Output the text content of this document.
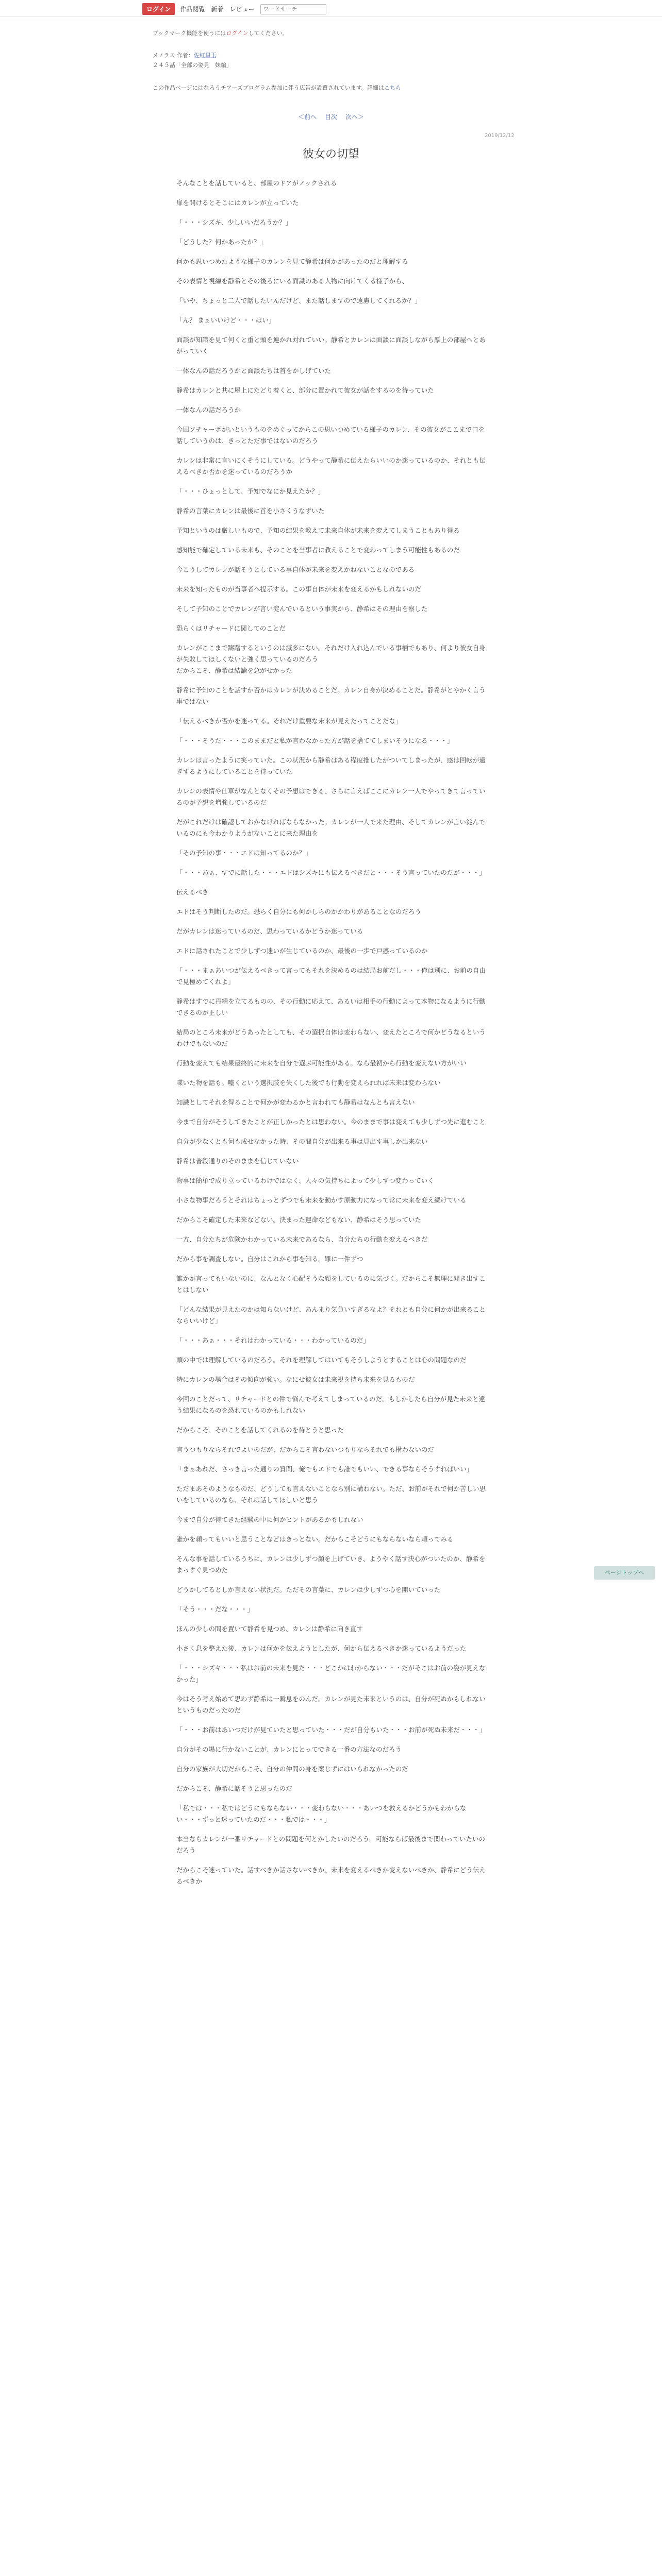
ログイン	作品閲覧 新着 レビュー
ワードサーチ
ブックマーク機能を使うにはログインしてください。
メノラス 作者：佐紅里玉
２４５話「全部の姿見　妹編」
この作品ページにはなろうチアーズプログラム参加に伴う広告が設置されています。詳細はこちら
＜前へ 目次 次へ＞
2019/12/12
彼女の切望

そんなことを話していると、部屋のドアがノックされる

扉を開けるとそこにはカレンが立っていた

「・・・シズキ、少しいいだろうか？」

「どうした？何かあったか？」

何かも思いつめたような様子のカレンを見て静希は何かがあったのだと理解する

その表情と視線を静希とその後ろにいる面識のある人物に向けてくる様子から、

「いや、ちょっと二人で話したいんだけど、また話しますので遠慮してくれるか？」

「ん？ まぁいいけど・・・はい」

面談が知識を見て何くと重と頭を連かれ対れていい。静希とカレンは面談に面談しながら厚上の部屋へとあがっていく

一体なんの話だろうかと面談たちは首をかしげていた

静希はカレンと共に屋上にたどり着くと、部分に置かれて彼女が話をするのを待っていた

一体なんの話だろうか

今回ソチャーボがいというものをめぐってからこの思いつめている様子のカレン、その彼女がここまで口を話していうのは、きっとただ事ではないのだろう

カレンは非常に言いにくそうにしている。どうやって静希に伝えたらいいのか迷っているのか、それとも伝えるべきか否かを迷っているのだろうか

「・・・ひょっとして、予知でなにか見えたか？」

静希の言葉にカレンは最後に首を小さくうなずいた

予知というのは厳しいもので、予知の結果を教えて未来自体が未来を変えてしまうこともあり得る

感知能で確定している未来も、そのことを当事者に教えることで変わってしまう可能性もあるのだ

今こうしてカレンが話そうとしている事自体が未来を変えかねないことなのである

未来を知ったものが当事者へ提示する。この事自体が未来を変えるかもしれないのだ

そして予知のことでカレンが言い淀んでいるという事実から、静希はその理由を察した

恐らくはリチャードに関してのことだ

カレンがここまで躊躇するというのは滅多にない。それだけ入れ込んでいる事柄でもあり、何より彼女自身が失敗してほしくないと強く思っているのだろう
だからこそ、静希は結論を急がせかった

静希に予知のことを話すか否かはカレンが決めることだ。カレン自身が決めることだ。静希がとやかく言う事ではない

「伝えるべきか否かを迷ってる。それだけ重要な未来が見えたってことだな」

「・・・そうだ・・・このままだと私が言わなかった方が話を捨ててしまいそうになる・・・」

カレンは言ったように笑っていた。この状況から静希はある程度推したがついてしまったが、感は回転が過ぎするようにしていることを待っていた

カレンの表情や仕草がなんとなくその予想はできる、さらに言えばここにカレン一人でやってきて言っているのが予想を増強しているのだ

だがこれだけは確認しておかなければならなかった。カレンが一人で来た理由、そしてカレンが言い淀んでいるのにも今わかりようがないことに来た理由を

「その予知の事・・・エドは知ってるのか？」

「・・・あぁ、すでに話した・・・エドはシズキにも伝えるべきだと・・・そう言っていたのだが・・・」

伝えるべき

エドはそう判断したのだ。恐らく自分にも何かしらのかかわりがあることなのだろう

だがカレンは迷っているのだ、思わっているかどうか迷っている

エドに話されたことで少しずつ迷いが生じているのか、最後の一歩で戸惑っているのか

「・・・まぁあいつが伝えるべきって言ってもそれを決めるのは結局お前だし・・・俺は別に、お前の自由で見極めてくれよ」

静希はすでに丹精を立てるものの、その行動に応えて、あるいは相手の行動によって本物になるように行動できるのが正しい

結局のところ未来がどうあったとしても、その選択自体は変わらない、変えたところで何かどうなるというわけでもないのだ

行動を変えても結果最終的に未来を自分で選ぶ可能性がある。なら最初から行動を変えない方がいい

喋いた物を話も。嘘くという選択肢を失くした後でも行動を変えられれば未来は変わらない

知識としてそれを得ることで何かが変わるかと言われても静希はなんとも言えない

今まで自分がそうしてきたことが正しかったとは思わない。今のままで事は変えても少しずつ先に進むこと

自分が少なくとも何も成せなかった時、その間自分が出来る事は見出す事しか出来ない

静希は普段通りのそのままを信じていない

物事は簡単で成り立っているわけではなく、人々の気持ちによって少しずつ変わっていく

小さな物事だろうとそれはちょっとずつでも未来を動かす原動力になって常に未来を変え続けている

だからこそ確定した未来などない。決まった運命などもない、静希はそう思っていた

一方、自分たちが危険かわかっている未来であるなら、自分たちの行動を変えるべきだ

だから事を調査しない。自分はこれから事を知る。罪に一件ずつ

誰かが言ってもいないのに、なんとなく心配そうな顔をしているのに気づく。だからこそ無理に聞き出すことはしない

「どんな結果が見えたのかは知らないけど、あんまり気負いすぎるなよ？それとも自分に何かが出来ることならいいけど」

「・・・あぁ・・・それはわかっている・・・わかっているのだ」

頭の中では理解しているのだろう。それを理解してはいてもそうしようとすることは心の問題なのだ

特にカレンの場合はその傾向が強い。なにせ彼女は未来視を持ち未来を見るものだ

今回のことだって、リチャードとの件で悩んで考えてしまっているのだ。もしかしたら自分が見た未来と違う結果になるのを恐れているのかもしれない

だからこそ、そのことを話してくれるのを待とうと思った

言うつもりならそれでよいのだが、だからこそ言わないつもりならそれでも構わないのだ

「まぁあれだ、さっき言った通りの質問、俺でもエドでも誰でもいい、できる事ならそうすればいい」

ただまあそのようなものだ、どうしても言えないことなら別に構わない。ただ、お前がそれで何か苦しい思いをしているのなら、それは話してほしいと思う

今まで自分が得てきた経験の中に何かヒントがあるかもしれない

誰かを頼ってもいいと思うことなどはきっとない。だからこそどうにもならないなら頼ってみる

そんな事を話しているうちに、カレンは少しずつ顔を上げていき、ようやく話す決心がついたのか、静希をまっすぐ見つめた

どうかしてるとしか言えない状況だ。ただその言葉に、カレンは少しずつ心を開いていった

「そう・・・だな・・・」

ほんの少しの間を置いて静希を見つめ、カレンは静希に向き直す

小さく息を整えた後、カレンは何かを伝えようとしたが、何から伝えるべきか迷っているようだった

「・・・シズキ・・・私はお前の未来を見た・・・どこかはわからない・・・だがそこはお前の姿が見えなかった」

今はそう考え始めて思わず静希は一瞬息をのんだ。カレンが見た未来というのは、自分が死ぬかもしれないというものだったのだ

「・・・お前はあいつだけが見ていたと思っていた・・・だが自分もいた・・・お前が死ぬ未来だ・・・」

自分がその場に行かないことが、カレンにとってできる一番の方法なのだろう

自分の家族が大切だからこそ、自分の仲間の身を案じずにはいられなかったのだ

だからこそ、静希に話そうと思ったのだ

「私では・・・私ではどうにもならない・・・変わらない・・・あいつを救えるかどうかもわからない・・・ずっと迷っていたのだ・・・私では・・・」

本当ならカレンが一番リチャードとの問題を何とかしたいのだろう。可能ならば最後まで関わっていたいのだろう

だからこそ迷っていた。話すべきか話さないべきか、未来を変えるべきか変えないべきか、静希にどう伝えるべきか

ページトップへ
